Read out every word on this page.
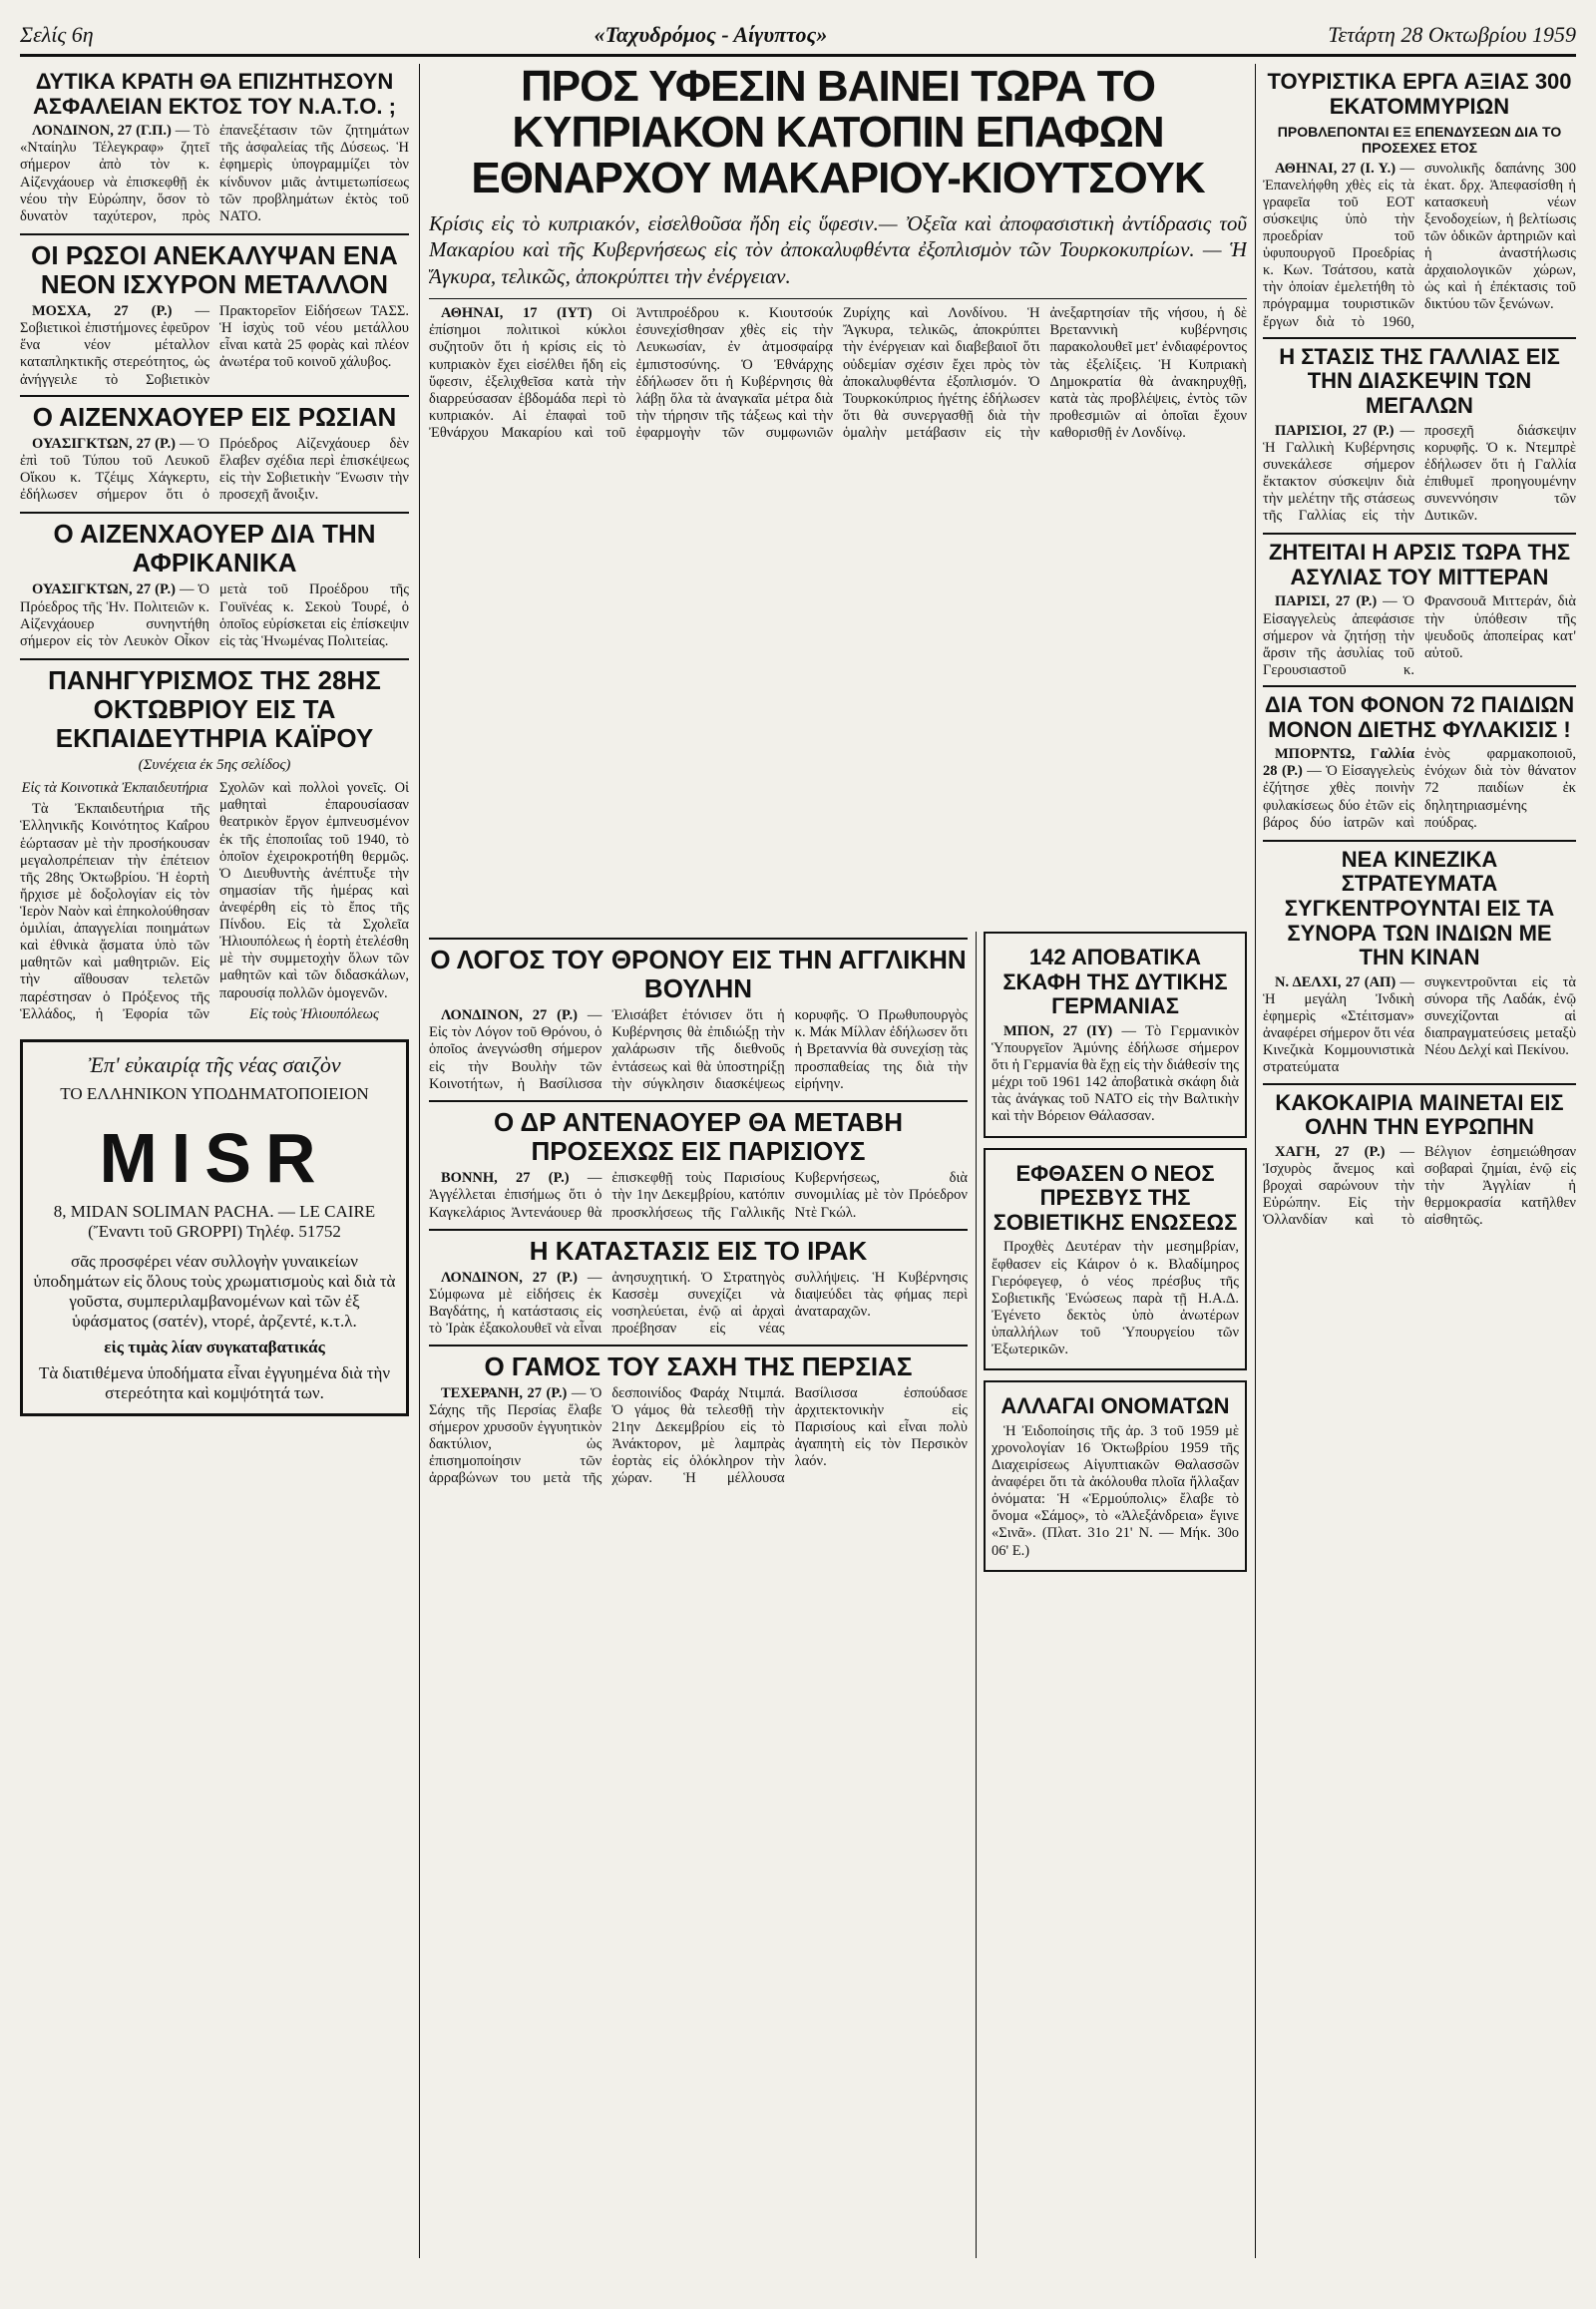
Σελίς 6η	«Ταχυδρόμος - Αίγυπτος»	Τετάρτη 28 Οκτωβρίου 1959
ΔΥΤΙΚΑ ΚΡΑΤΗ ΘΑ ΕΠΙΖΗΤΗΣΟΥΝ ΑΣΦΑΛΕΙΑΝ ΕΚΤΟΣ ΤΟΥ Ν.Α.Τ.Ο. ;

ΛΟΝΔΙΝΟΝ, 27 (Γ.Π.) — Τὸ «Νταίηλυ Τέλεγκραφ» ζητεῖ σήμερον ἀπὸ τὸν κ. Αἰζενχάουερ νὰ ἐπισκεφθῇ ἐκ νέου τὴν Εὐρώπην, ὅσον τὸ δυνατὸν ταχύτερον, πρὸς ἐπανεξέτασιν τῶν ζητημάτων τῆς ἀσφαλείας τῆς Δύσεως. Ἡ ἐφημερὶς ὑπογραμμίζει τὸν κίνδυνον μιᾶς ἀντιμετωπίσεως τῶν προβλημάτων ἐκτὸς τοῦ ΝΑΤΟ.

ΟΙ ΡΩΣΟΙ ΑΝΕΚΑΛΥΨΑΝ ΕΝΑ ΝΕΟΝ ΙΣΧΥΡΟΝ ΜΕΤΑΛΛΟΝ

ΜΟΣΧΑ, 27 (Ρ.) — Σοβιετικοὶ ἐπιστήμονες ἐφεῦρον ἕνα νέον μέταλλον καταπληκτικῆς στερεότητος, ὡς ἀνήγγειλε τὸ Σοβιετικὸν Πρακτορεῖον Εἰδήσεων ΤΑΣΣ. Ἡ ἰσχὺς τοῦ νέου μετάλλου εἶναι κατὰ 25 φορὰς καὶ πλέον ἀνωτέρα τοῦ κοινοῦ χάλυβος.

Ο ΑΙΖΕΝΧΑΟΥΕΡ ΕΙΣ ΡΩΣΙΑΝ

ΟΥΑΣΙΓΚΤΩΝ, 27 (Ρ.) — Ὁ ἐπὶ τοῦ Τύπου τοῦ Λευκοῦ Οἴκου κ. Τζέιμς Χάγκερτυ, ἐδήλωσεν σήμερον ὅτι ὁ Πρόεδρος Αἰζενχάουερ δὲν ἔλαβεν σχέδια περὶ ἐπισκέψεως εἰς τὴν Σοβιετικὴν Ἕνωσιν τὴν προσεχῆ ἄνοιξιν.

Ο ΑΙΖΕΝΧΑΟΥΕΡ ΔΙΑ ΤΗΝ ΑΦΡΙΚΑΝΙΚΑ

ΟΥΑΣΙΓΚΤΩΝ, 27 (Ρ.) — Ὁ Πρόεδρος τῆς Ἡν. Πολιτειῶν κ. Αἰζενχάουερ συνηντήθη σήμερον εἰς τὸν Λευκὸν Οἶκον μετὰ τοῦ Προέδρου τῆς Γουϊνέας κ. Σεκοὺ Τουρέ, ὁ ὁποῖος εὑρίσκεται εἰς ἐπίσκεψιν εἰς τὰς Ἡνωμένας Πολιτείας.

ΠΑΝΗΓΥΡΙΣΜΟΣ ΤΗΣ 28ΗΣ ΟΚΤΩΒΡΙΟΥ ΕΙΣ ΤΑ ΕΚΠΑΙΔΕΥΤΗΡΙΑ ΚΑΪΡΟΥ
(Συνέχεια ἐκ 5ης σελίδος)

Εἰς τὰ Κοινοτικὰ Ἐκπαιδευτήρια

Τὰ Ἐκπαιδευτήρια τῆς Ἑλληνικῆς Κοινότητος Καΐρου ἑώρτασαν μὲ τὴν προσήκουσαν μεγαλοπρέπειαν τὴν ἐπέτειον τῆς 28ης Ὀκτωβρίου. Ἡ ἑορτὴ ἤρχισε μὲ δοξολογίαν εἰς τὸν Ἱερὸν Ναὸν καὶ ἐπηκολούθησαν ὁμιλίαι, ἀπαγγελίαι ποιημάτων καὶ ἐθνικὰ ᾄσματα ὑπὸ τῶν μαθητῶν καὶ μαθητριῶν. Εἰς τὴν αἴθουσαν τελετῶν παρέστησαν ὁ Πρόξενος τῆς Ἑλλάδος, ἡ Ἐφορία τῶν Σχολῶν καὶ πολλοὶ γονεῖς. Οἱ μαθηταὶ ἐπαρουσίασαν θεατρικὸν ἔργον ἐμπνευσμένον ἐκ τῆς ἐποποιΐας τοῦ 1940, τὸ ὁποῖον ἐχειροκροτήθη θερμῶς. Ὁ Διευθυντὴς ἀνέπτυξε τὴν σημασίαν τῆς ἡμέρας καὶ ἀνεφέρθη εἰς τὸ ἔπος τῆς Πίνδου. Εἰς τὰ Σχολεῖα Ἠλιουπόλεως ἡ ἑορτὴ ἐτελέσθη μὲ τὴν συμμετοχὴν ὅλων τῶν μαθητῶν καὶ τῶν διδασκάλων, παρουσίᾳ πολλῶν ὁμογενῶν.

Εἰς τοὺς Ἠλιουπόλεως

Ἐπ' εὐκαιρίᾳ τῆς νέας σαιζὸν
ΤΟ ΕΛΛΗΝΙΚΟΝ ΥΠΟΔΗΜΑΤΟΠΟΙΕΙΟΝ
MISR
8, MIDAN SOLIMAN PACHA. — LE CAIRE
(Ἔναντι τοῦ GROPPI) Τηλέφ. 51752
σᾶς προσφέρει νέαν συλλογὴν γυναικείων ὑποδημάτων εἰς ὅλους τοὺς χρωματισμοὺς καὶ διὰ τὰ γοῦστα, συμπεριλαμβανομένων καὶ τῶν ἐξ ὑφάσματος (σατέν), ντορέ, ἀρζεντέ, κ.τ.λ.
εἰς τιμὰς λίαν συγκαταβατικάς
Τὰ διατιθέμενα ὑποδήματα εἶναι ἐγγυημένα διὰ τὴν στερεότητα καὶ κομψότητά των.
ΠΡΟΣ ΥΦΕΣΙΝ ΒΑΙΝΕΙ ΤΩΡΑ ΤΟ ΚΥΠΡΙΑΚΟΝ ΚΑΤΟΠΙΝ ΕΠΑΦΩΝ ΕΘΝΑΡΧΟΥ ΜΑΚΑΡΙΟΥ-ΚΙΟΥΤΣΟΥΚ
Κρίσις εἰς τὸ κυπριακόν, εἰσελθοῦσα ἤδη εἰς ὕφεσιν.— Ὀξεῖα καὶ ἀποφασιστικὴ ἀντίδρασις τοῦ Μακαρίου καὶ τῆς Κυβερνήσεως εἰς τὸν ἀποκαλυφθέντα ἐξοπλισμὸν τῶν Τουρκοκυπρίων. — Ἡ Ἄγκυρα, τελικῶς, ἀποκρύπτει τὴν ἐνέργειαν.

ΑΘΗΝΑΙ, 17 (ΙΥΤ) Οἱ ἐπίσημοι πολιτικοὶ κύκλοι συζητοῦν ὅτι ἡ κρίσις εἰς τὸ κυπριακὸν ἔχει εἰσέλθει ἤδη εἰς ὕφεσιν, ἐξελιχθεῖσα κατὰ τὴν διαρρεύσασαν ἑβδομάδα περὶ τὸ κυπριακόν. Αἱ ἐπαφαὶ τοῦ Ἐθνάρχου Μακαρίου καὶ τοῦ Ἀντιπροέδρου κ. Κιουτσούκ ἐσυνεχίσθησαν χθὲς εἰς τὴν Λευκωσίαν, ἐν ἀτμοσφαίρᾳ ἐμπιστοσύνης. Ὁ Ἐθνάρχης ἐδήλωσεν ὅτι ἡ Κυβέρνησις θὰ λάβῃ ὅλα τὰ ἀναγκαῖα μέτρα διὰ τὴν τήρησιν τῆς τάξεως καὶ τὴν ἐφαρμογὴν τῶν συμφωνιῶν Ζυρίχης καὶ Λονδίνου. Ἡ Ἄγκυρα, τελικῶς, ἀποκρύπτει τὴν ἐνέργειαν καὶ διαβεβαιοῖ ὅτι οὐδεμίαν σχέσιν ἔχει πρὸς τὸν ἀποκαλυφθέντα ἐξοπλισμόν. Ὁ Τουρκοκύπριος ἡγέτης ἐδήλωσεν ὅτι θὰ συνεργασθῇ διὰ τὴν ὁμαλὴν μετάβασιν εἰς τὴν ἀνεξαρτησίαν τῆς νήσου, ἡ δὲ Βρεταννικὴ κυβέρνησις παρακολουθεῖ μετ' ἐνδιαφέροντος τὰς ἐξελίξεις. Ἡ Κυπριακὴ Δημοκρατία θὰ ἀνακηρυχθῇ, κατὰ τὰς προβλέψεις, ἐντὸς τῶν προθεσμιῶν αἱ ὁποῖαι ἔχουν καθορισθῇ ἐν Λονδίνῳ.

Ο ΛΟΓΟΣ ΤΟΥ ΘΡΟΝΟΥ ΕΙΣ ΤΗΝ ΑΓΓΛΙΚΗΝ ΒΟΥΛΗΝ

ΛΟΝΔΙΝΟΝ, 27 (Ρ.) — Εἰς τὸν Λόγον τοῦ Θρόνου, ὁ ὁποῖος ἀνεγνώσθη σήμερον εἰς τὴν Βουλὴν τῶν Κοινοτήτων, ἡ Βασίλισσα Ἐλισάβετ ἐτόνισεν ὅτι ἡ Κυβέρνησις θὰ ἐπιδιώξῃ τὴν χαλάρωσιν τῆς διεθνοῦς ἐντάσεως καὶ θὰ ὑποστηρίξῃ τὴν σύγκλησιν διασκέψεως κορυφῆς. Ὁ Πρωθυπουργὸς κ. Μάκ Μίλλαν ἐδήλωσεν ὅτι ἡ Βρεταννία θὰ συνεχίσῃ τὰς προσπαθείας της διὰ τὴν εἰρήνην.

Ο ΔΡ ΑΝΤΕΝΑΟΥΕΡ ΘΑ ΜΕΤΑΒΗ ΠΡΟΣΕΧΩΣ ΕΙΣ ΠΑΡΙΣΙΟΥΣ

ΒΟΝΝΗ, 27 (Ρ.) — Ἀγγέλλεται ἐπισήμως ὅτι ὁ Καγκελάριος Ἀντενάουερ θὰ ἐπισκεφθῇ τοὺς Παρισίους τὴν 1ην Δεκεμβρίου, κατόπιν προσκλήσεως τῆς Γαλλικῆς Κυβερνήσεως, διὰ συνομιλίας μὲ τὸν Πρόεδρον Ντὲ Γκώλ.

Η ΚΑΤΑΣΤΑΣΙΣ ΕΙΣ ΤΟ ΙΡΑΚ

ΛΟΝΔΙΝΟΝ, 27 (Ρ.) — Σύμφωνα μὲ εἰδήσεις ἐκ Βαγδάτης, ἡ κατάστασις εἰς τὸ Ἰρὰκ ἐξακολουθεῖ νὰ εἶναι ἀνησυχητική. Ὁ Στρατηγὸς Κασσὲμ συνεχίζει νὰ νοσηλεύεται, ἐνῷ αἱ ἀρχαὶ προέβησαν εἰς νέας συλλήψεις. Ἡ Κυβέρνησις διαψεύδει τὰς φήμας περὶ ἀναταραχῶν.

Ο ΓΑΜΟΣ ΤΟΥ ΣΑΧΗ ΤΗΣ ΠΕΡΣΙΑΣ

ΤΕΧΕΡΑΝΗ, 27 (Ρ.) — Ὁ Σάχης τῆς Περσίας ἔλαβε σήμερον χρυσοῦν ἐγγυητικὸν δακτύλιον, ὡς ἐπισημοποίησιν τῶν ἀρραβώνων του μετὰ τῆς δεσποινίδος Φαράχ Ντιμπά. Ὁ γάμος θὰ τελεσθῇ τὴν 21ην Δεκεμβρίου εἰς τὸ Ἀνάκτορον, μὲ λαμπρὰς ἑορτὰς εἰς ὁλόκληρον τὴν χώραν. Ἡ μέλλουσα Βασίλισσα ἐσπούδασε ἀρχιτεκτονικὴν εἰς Παρισίους καὶ εἶναι πολὺ ἀγαπητὴ εἰς τὸν Περσικὸν λαόν.

142 ΑΠΟΒΑΤΙΚΑ ΣΚΑΦΗ ΤΗΣ ΔΥΤΙΚΗΣ ΓΕΡΜΑΝΙΑΣ

ΜΠΟΝ, 27 (ΙΥ) — Τὸ Γερμανικὸν Ὑπουργεῖον Ἀμύνης ἐδήλωσε σήμερον ὅτι ἡ Γερμανία θὰ ἔχῃ εἰς τὴν διάθεσίν της μέχρι τοῦ 1961 142 ἀποβατικὰ σκάφη διὰ τὰς ἀνάγκας τοῦ ΝΑΤΟ εἰς τὴν Βαλτικὴν καὶ τὴν Βόρειον Θάλασσαν.

ΕΦΘΑΣΕΝ Ο ΝΕΟΣ ΠΡΕΣΒΥΣ ΤΗΣ ΣΟΒΙΕΤΙΚΗΣ ΕΝΩΣΕΩΣ

Προχθὲς Δευτέραν τὴν μεσημβρίαν, ἔφθασεν εἰς Κάιρον ὁ κ. Βλαδίμηρος Γιερόφεγεφ, ὁ νέος πρέσβυς τῆς Σοβιετικῆς Ἑνώσεως παρὰ τῇ Η.Α.Δ. Ἐγένετο δεκτὸς ὑπὸ ἀνωτέρων ὑπαλλήλων τοῦ Ὑπουργείου τῶν Ἐξωτερικῶν.

ΑΛΛΑΓΑΙ ΟΝΟΜΑΤΩΝ

Ἡ Ἐιδοποίησις τῆς ἀρ. 3 τοῦ 1959 μὲ χρονολογίαν 16 Ὀκτωβρίου 1959 τῆς Διαχειρίσεως Αἰγυπτιακῶν Θαλασσῶν ἀναφέρει ὅτι τὰ ἀκόλουθα πλοῖα ἤλλαξαν ὀνόματα: Ἡ «Ἑρμούπολις» ἔλαβε τὸ ὄνομα «Σάμος», τὸ «Ἀλεξάνδρεια» ἔγινε «Σινᾶ». (Πλατ. 31ο 21' Ν. — Μήκ. 30ο 06' Ε.)

ΤΟΥΡΙΣΤΙΚΑ ΕΡΓΑ ΑΞΙΑΣ 300 ΕΚΑΤΟΜΜΥΡΙΩΝ
ΠΡΟΒΛΕΠΟΝΤΑΙ ΕΞ ΕΠΕΝΔΥΣΕΩΝ ΔΙΑ ΤΟ ΠΡΟΣΕΧΕΣ ΕΤΟΣ

ΑΘΗΝΑΙ, 27 (Ι. Υ.) — Ἐπανελήφθη χθὲς εἰς τὰ γραφεῖα τοῦ ΕΟΤ σύσκεψις ὑπὸ τὴν προεδρίαν τοῦ ὑφυπουργοῦ Προεδρίας κ. Κων. Τσάτσου, κατὰ τὴν ὁποίαν ἐμελετήθη τὸ πρόγραμμα τουριστικῶν ἔργων διὰ τὸ 1960, συνολικῆς δαπάνης 300 ἑκατ. δρχ. Ἀπεφασίσθη ἡ κατασκευὴ νέων ξενοδοχείων, ἡ βελτίωσις τῶν ὁδικῶν ἀρτηριῶν καὶ ἡ ἀναστήλωσις ἀρχαιολογικῶν χώρων, ὡς καὶ ἡ ἐπέκτασις τοῦ δικτύου τῶν ξενώνων.

Η ΣΤΑΣΙΣ ΤΗΣ ΓΑΛΛΙΑΣ ΕΙΣ ΤΗΝ ΔΙΑΣΚΕΨΙΝ ΤΩΝ ΜΕΓΑΛΩΝ

ΠΑΡΙΣΙΟΙ, 27 (Ρ.) — Ἡ Γαλλικὴ Κυβέρνησις συνεκάλεσε σήμερον ἔκτακτον σύσκεψιν διὰ τὴν μελέτην τῆς στάσεως τῆς Γαλλίας εἰς τὴν προσεχῆ διάσκεψιν κορυφῆς. Ὁ κ. Ντεμπρὲ ἐδήλωσεν ὅτι ἡ Γαλλία ἐπιθυμεῖ προηγουμένην συνεννόησιν τῶν Δυτικῶν.

ΖΗΤΕΙΤΑΙ Η ΑΡΣΙΣ ΤΩΡΑ ΤΗΣ ΑΣΥΛΙΑΣ ΤΟΥ ΜΙΤΤΕΡΑΝ

ΠΑΡΙΣΙ, 27 (Ρ.) — Ὁ Εἰσαγγελεὺς ἀπεφάσισε σήμερον νὰ ζητήσῃ τὴν ἄρσιν τῆς ἀσυλίας τοῦ Γερουσιαστοῦ κ. Φρανσουᾶ Μιττεράν, διὰ τὴν ὑπόθεσιν τῆς ψευδοῦς ἀποπείρας κατ' αὐτοῦ.

ΔΙΑ ΤΟΝ ΦΟΝΟΝ 72 ΠΑΙΔΙΩΝ ΜΟΝΟΝ ΔΙΕΤΗΣ ΦΥΛΑΚΙΣΙΣ !

ΜΠΟΡΝΤΩ, Γαλλία 28 (Ρ.) — Ὁ Εἰσαγγελεὺς ἐζήτησε χθὲς ποινὴν φυλακίσεως δύο ἐτῶν εἰς βάρος δύο ἰατρῶν καὶ ἑνὸς φαρμακοποιοῦ, ἐνόχων διὰ τὸν θάνατον 72 παιδίων ἐκ δηλητηριασμένης πούδρας.

ΝΕΑ ΚΙΝΕΖΙΚΑ ΣΤΡΑΤΕΥΜΑΤΑ ΣΥΓΚΕΝΤΡΟΥΝΤΑΙ ΕΙΣ ΤΑ ΣΥΝΟΡΑ ΤΩΝ ΙΝΔΙΩΝ ΜΕ ΤΗΝ ΚΙΝΑΝ

Ν. ΔΕΛΧΙ, 27 (ΑΠ) — Ἡ μεγάλη Ἰνδικὴ ἐφημερὶς «Στέιτσμαν» ἀναφέρει σήμερον ὅτι νέα Κινεζικὰ Κομμουνιστικὰ στρατεύματα συγκεντροῦνται εἰς τὰ σύνορα τῆς Λαδάκ, ἐνῷ συνεχίζονται αἱ διαπραγματεύσεις μεταξὺ Νέου Δελχί καὶ Πεκίνου.

ΚΑΚΟΚΑΙΡΙΑ ΜΑΙΝΕΤΑΙ ΕΙΣ ΟΛΗΝ ΤΗΝ ΕΥΡΩΠΗΝ

ΧΑΓΗ, 27 (Ρ.) — Ἰσχυρὸς ἄνεμος καὶ βροχαὶ σαρώνουν τὴν Εὐρώπην. Εἰς τὴν Ὁλλανδίαν καὶ τὸ Βέλγιον ἐσημειώθησαν σοβαραὶ ζημίαι, ἐνῷ εἰς τὴν Ἀγγλίαν ἡ θερμοκρασία κατῆλθεν αἰσθητῶς.
